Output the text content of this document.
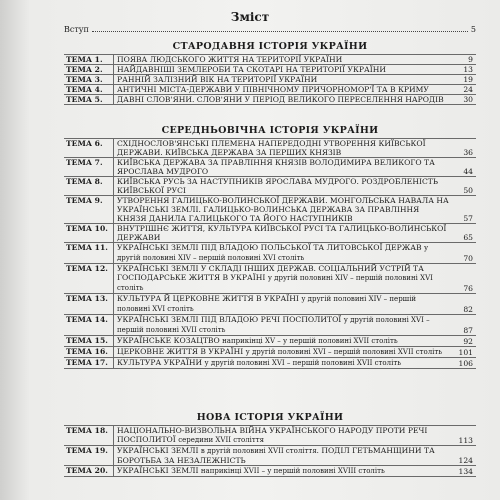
Зміст
Вступ	5
СТАРОДАВНЯ ІСТОРІЯ УКРАЇНИ
ТЕМА 1.	ПОЯВА ЛЮДСЬКОГО ЖИТТЯ НА ТЕРИТОРІЇ УКРАЇНИ	9
ТЕМА 2.	НАЙДАВНІШІ ЗЕМЛЕРОБИ ТА СКОТАРІ НА ТЕРИТОРІЇ УКРАЇНИ	13
ТЕМА 3.	РАННІЙ ЗАЛІЗНИЙ ВІК НА ТЕРИТОРІЇ УКРАЇНИ	19
ТЕМА 4.	АНТИЧНІ МІСТА-ДЕРЖАВИ У ПІВНІЧНОМУ ПРИЧОРНОМОР'Ї ТА В КРИМУ	24
ТЕМА 5.	ДАВНІ СЛОВ'ЯНИ. СЛОВ'ЯНИ У ПЕРІОД ВЕЛИКОГО ПЕРЕСЕЛЕННЯ НАРОДІВ	30
СЕРЕДНЬОВІЧНА ІСТОРІЯ УКРАЇНИ
ТЕМА 6.	СХІДНОСЛОВ'ЯНСЬКІ ПЛЕМЕНА НАПЕРЕДОДНІ УТВОРЕННЯ КИЇВСЬКОЇ ДЕРЖАВИ. КИЇВСЬКА ДЕРЖАВА ЗА ПЕРШИХ КНЯЗІВ	36
ТЕМА 7.	КИЇВСЬКА ДЕРЖАВА ЗА ПРАВЛІННЯ КНЯЗІВ ВОЛОДИМИРА ВЕЛИКОГО ТА ЯРОСЛАВА МУДРОГО	44
ТЕМА 8.	КИЇВСЬКА РУСЬ ЗА НАСТУПНИКІВ ЯРОСЛАВА МУДРОГО. РОЗДРОБЛЕНІСТЬ КИЇВСЬКОЇ РУСІ	50
ТЕМА 9.	УТВОРЕННЯ ГАЛИЦЬКО-ВОЛИНСЬКОЇ ДЕРЖАВИ. МОНГОЛЬСЬКА НАВАЛА НА УКРАЇНСЬКІ ЗЕМЛІ. ГАЛИЦЬКО-ВОЛИНСЬКА ДЕРЖАВА ЗА ПРАВЛІННЯ КНЯЗЯ ДАНИЛА ГАЛИЦЬКОГО ТА ЙОГО НАСТУПНИКІВ	57
ТЕМА 10.	ВНУТРІШНЄ ЖИТТЯ, КУЛЬТУРА КИЇВСЬКОЇ РУСІ ТА ГАЛИЦЬКО-ВОЛИНСЬКОЇ ДЕРЖАВИ	65
ТЕМА 11.	УКРАЇНСЬКІ ЗЕМЛІ ПІД ВЛАДОЮ ПОЛЬСЬКОЇ ТА ЛИТОВСЬКОЇ ДЕРЖАВ у другій половині XIV – першій половині XVI століть	70
ТЕМА 12.	УКРАЇНСЬКІ ЗЕМЛІ У СКЛАДІ ІНШИХ ДЕРЖАВ. СОЦІАЛЬНИЙ УСТРІЙ ТА ГОСПОДАРСЬКЕ ЖИТТЯ В УКРАЇНІ у другій половині XIV – першій половині XVI століть	76
ТЕМА 13.	КУЛЬТУРА Й ЦЕРКОВНЕ ЖИТТЯ В УКРАЇНІ у другій половині XIV – першій половині XVI століть	82
ТЕМА 14.	УКРАЇНСЬКІ ЗЕМЛІ ПІД ВЛАДОЮ РЕЧІ ПОСПОЛИТОЇ у другій половині XVI – першій половині XVII століть	87
ТЕМА 15.	УКРАЇНСЬКЕ КОЗАЦТВО наприкінці XV – у першій половині XVII століть	92
ТЕМА 16.	ЦЕРКОВНЕ ЖИТТЯ В УКРАЇНІ у другій половині XVI – першій половині XVII століть	101
ТЕМА 17.	КУЛЬТУРА УКРАЇНИ у другій половині XVI – першій половині XVII століть	106
НОВА ІСТОРІЯ УКРАЇНИ
ТЕМА 18.	НАЦІОНАЛЬНО-ВИЗВОЛЬНА ВІЙНА УКРАЇНСЬКОГО НАРОДУ ПРОТИ РЕЧІ ПОСПОЛИТОЇ середини XVII століття	113
ТЕМА 19.	УКРАЇНСЬКІ ЗЕМЛІ в другій половині XVII століття. ПОДІЛ ГЕТЬМАНЩИНИ ТА БОРОТЬБА ЗА НЕЗАЛЕЖНІСТЬ	124
ТЕМА 20.	УКРАЇНСЬКІ ЗЕМЛІ наприкінці XVII – у першій половині XVIII століть	134
